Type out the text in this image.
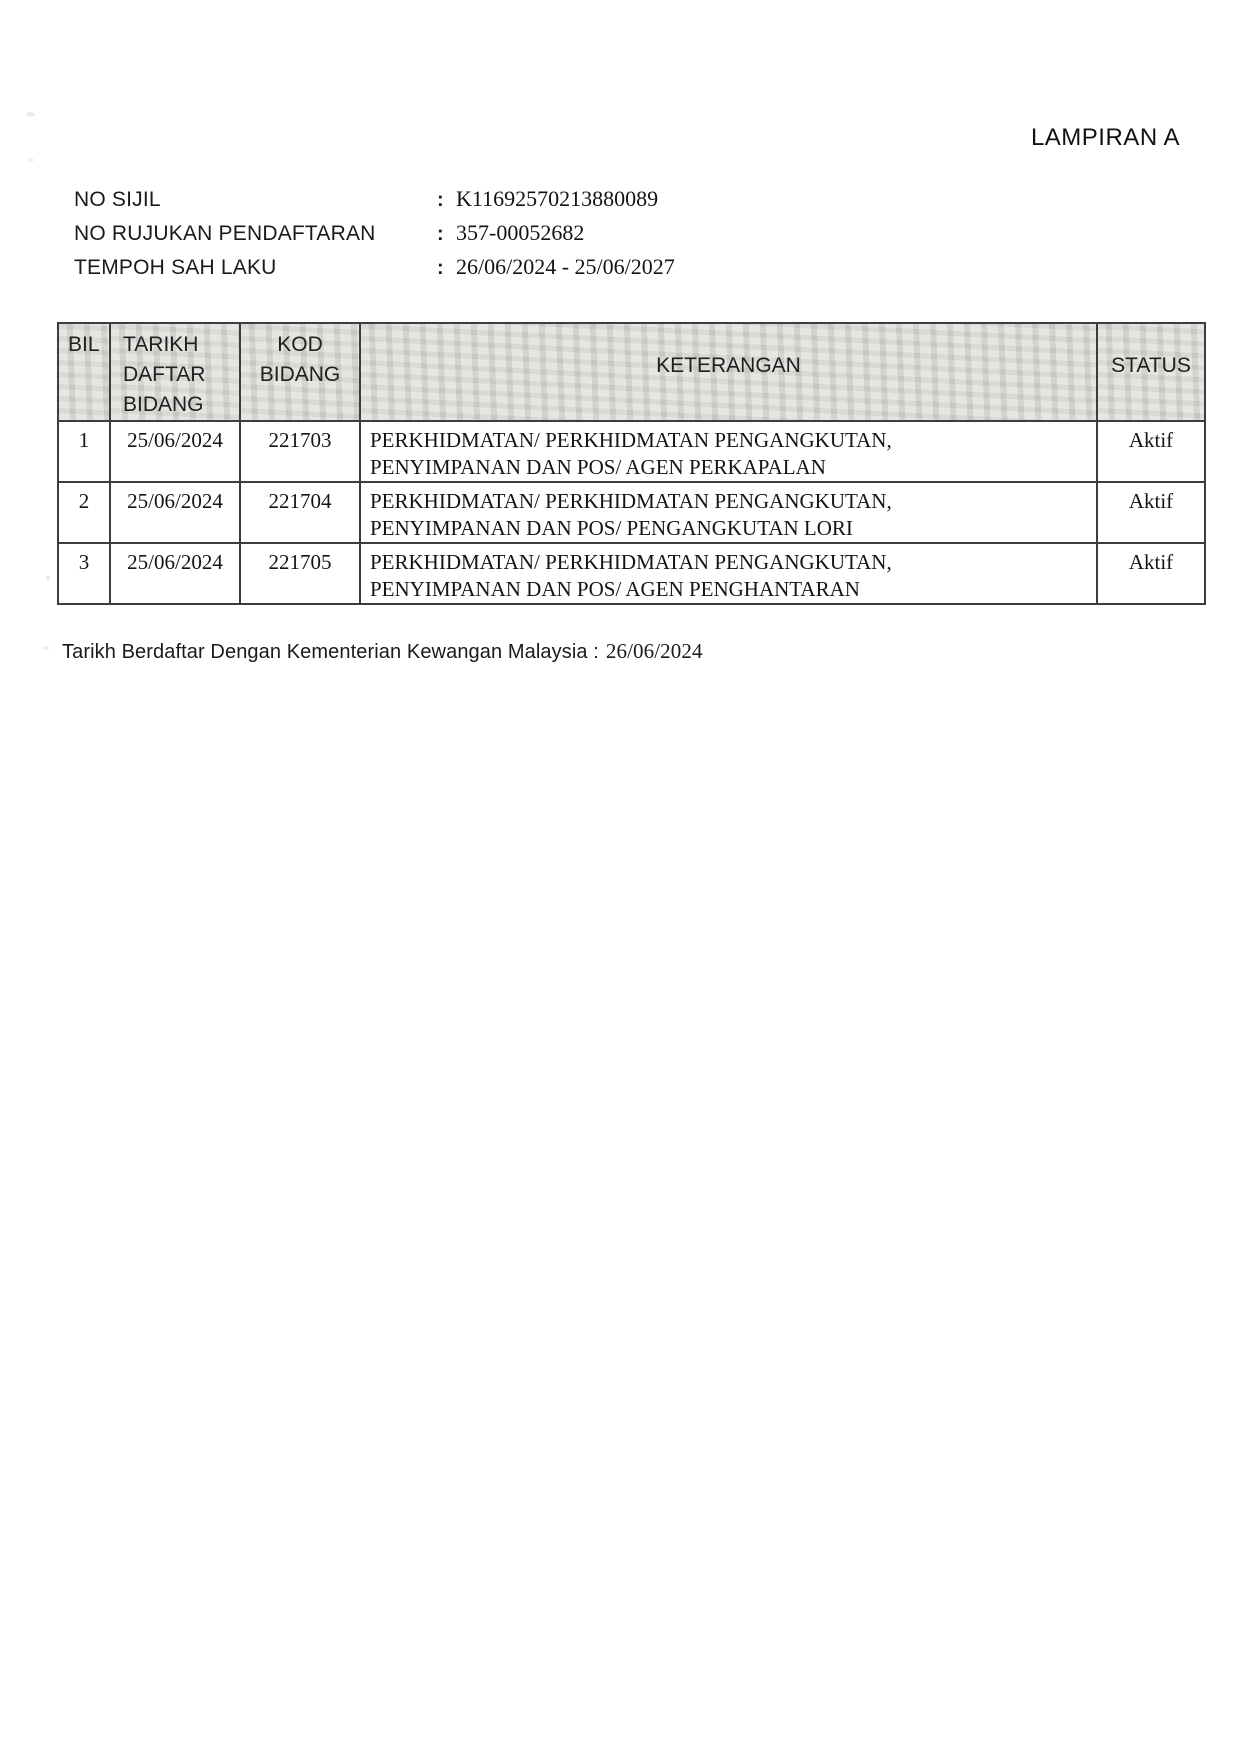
LAMPIRAN A
NO SIJIL	: K11692570213880089
NO RUJUKAN PENDAFTARAN	: 357-00052682
TEMPOH SAH LAKU	: 26/06/2024 - 25/06/2027
BIL	TARIKH DAFTAR BIDANG	KOD BIDANG	KETERANGAN	STATUS
1	25/06/2024	221703	PERKHIDMATAN/ PERKHIDMATAN PENGANGKUTAN,
PENYIMPANAN DAN POS/ AGEN PERKAPALAN	Aktif
2	25/06/2024	221704	PERKHIDMATAN/ PERKHIDMATAN PENGANGKUTAN,
PENYIMPANAN DAN POS/ PENGANGKUTAN LORI	Aktif
3	25/06/2024	221705	PERKHIDMATAN/ PERKHIDMATAN PENGANGKUTAN,
PENYIMPANAN DAN POS/ AGEN PENGHANTARAN	Aktif
Tarikh Berdaftar Dengan Kementerian Kewangan Malaysia : 26/06/2024
